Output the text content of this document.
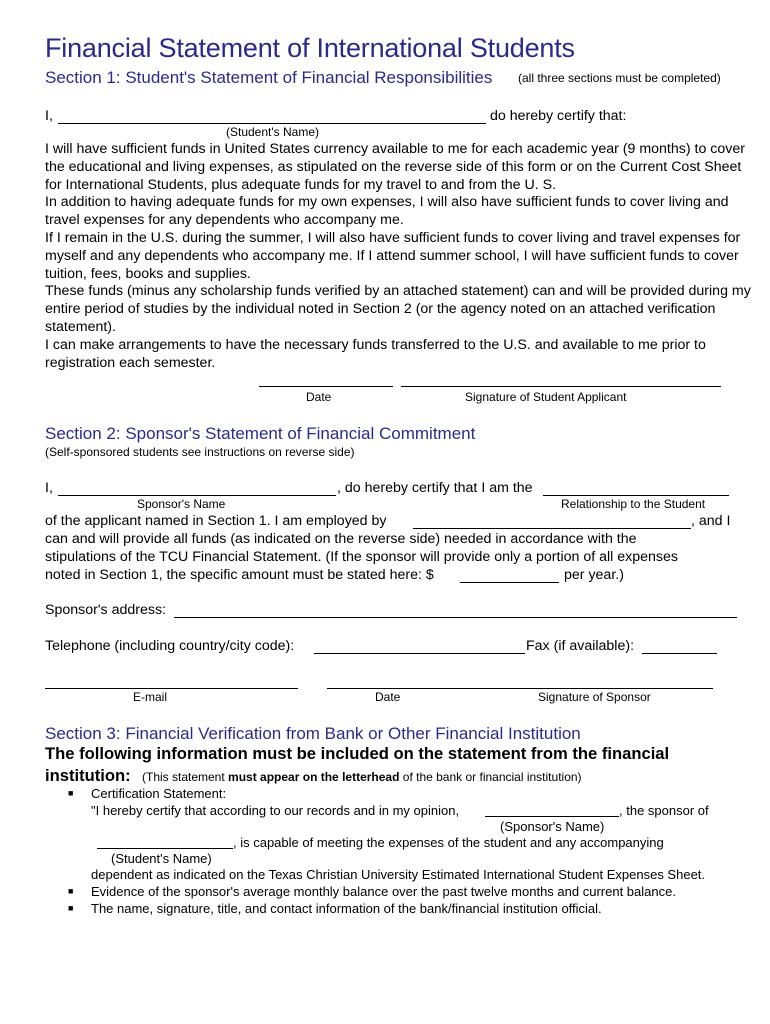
Financial Statement of International Students
Section 1: Student's Statement of Financial Responsibilities (all three sections must be completed)
I,	do hereby certify that:
(Student's Name)

I will have sufficient funds in United States currency available to me for each academic year (9 months) to cover the educational and living expenses, as stipulated on the reverse side of this form or on the Current Cost Sheet for International Students, plus adequate funds for my travel to and from the U. S.

In addition to having adequate funds for my own expenses, I will also have sufficient funds to cover living and travel expenses for any dependents who accompany me.

If I remain in the U.S. during the summer, I will also have sufficient funds to cover living and travel expenses for myself and any dependents who accompany me. If I attend summer school, I will have sufficient funds to cover tuition, fees, books and supplies.

These funds (minus any scholarship funds verified by an attached statement) can and will be provided during my entire period of studies by the individual noted in Section 2 (or the agency noted on an attached verification statement).

I can make arrangements to have the necessary funds transferred to the U.S. and available to me prior to registration each semester.

Date	Signature of Student Applicant
Section 2: Sponsor's Statement of Financial Commitment
(Self-sponsored students see instructions on reverse side)
I,	, do hereby certify that I am the
Sponsor's Name	Relationship to the Student
of the applicant named in Section 1. I am employed by	, and I
can and will provide all funds (as indicated on the reverse side) needed in accordance with the
stipulations of the TCU Financial Statement. (If the sponsor will provide only a portion of all expenses
noted in Section 1, the specific amount must be stated here: $	per year.)
Sponsor's address:
Telephone (including country/city code):	Fax (if available):
E-mail	Date	Signature of Sponsor
Section 3: Financial Verification from Bank or Other Financial Institution
The following information must be included on the statement from the financial
institution: (This statement must appear on the letterhead of the bank or financial institution)
■ Certification Statement:
"I hereby certify that according to our records and in my opinion,	, the sponsor of
(Sponsor's Name)
, is capable of meeting the expenses of the student and any accompanying
(Student's Name)
dependent as indicated on the Texas Christian University Estimated International Student Expenses Sheet.
■ Evidence of the sponsor's average monthly balance over the past twelve months and current balance.
■ The name, signature, title, and contact information of the bank/financial institution official.
